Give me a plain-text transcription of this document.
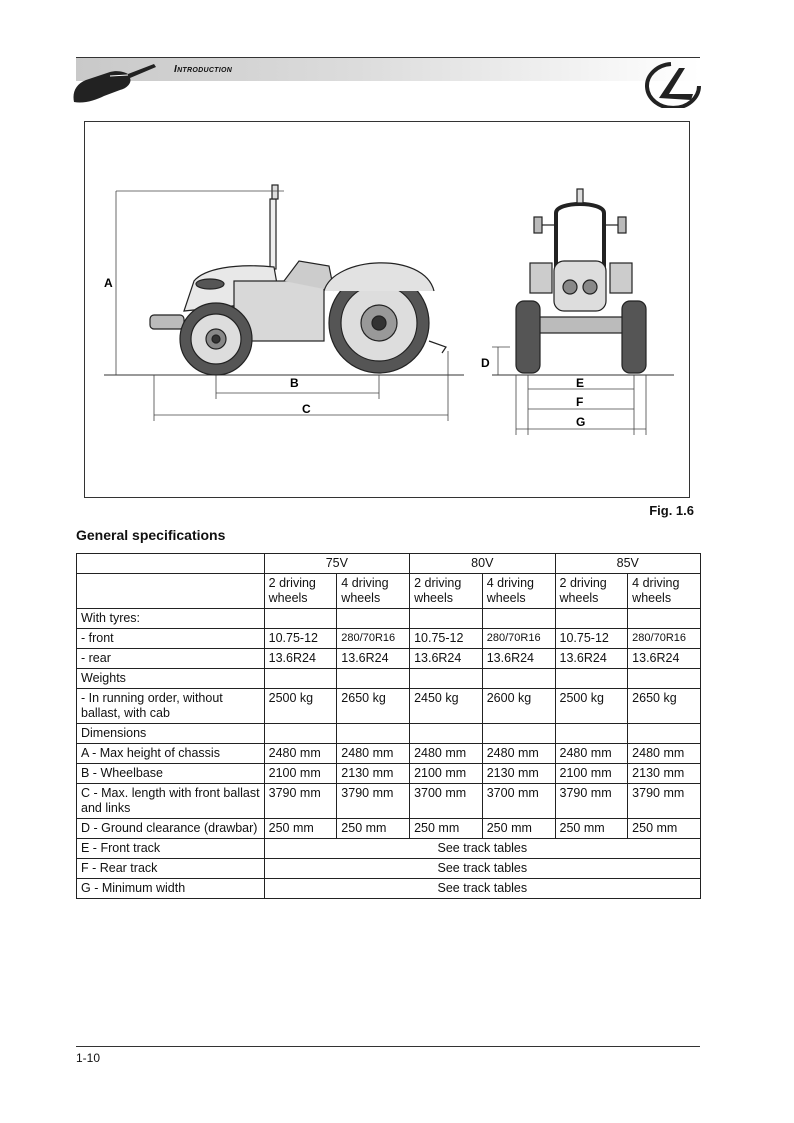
Introduction
A
B
C
D
E
F
G
Fig. 1.6
General specifications
	75V		80V		85V	
	2 driving wheels	4 driving wheels	2 driving wheels	4 driving wheels	2 driving wheels	4 driving wheels
With tyres:						
- front	10.75-12	280/70R16	10.75-12	280/70R16	10.75-12	280/70R16
- rear	13.6R24	13.6R24	13.6R24	13.6R24	13.6R24	13.6R24
Weights						
- In running order, without ballast, with cab	2500 kg	2650 kg	2450 kg	2600 kg	2500 kg	2650 kg
Dimensions						
A - Max height of chassis	2480 mm	2480 mm	2480 mm	2480 mm	2480 mm	2480 mm
B - Wheelbase	2100 mm	2130 mm	2100 mm	2130 mm	2100 mm	2130 mm
C - Max. length with front ballast and links	3790 mm	3790 mm	3700 mm	3700 mm	3790 mm	3790 mm
D - Ground clearance (drawbar)	250 mm	250 mm	250 mm	250 mm	250 mm	250 mm
E - Front track	See track tables					
F - Rear track	See track tables					
G - Minimum width	See track tables					
1-10
